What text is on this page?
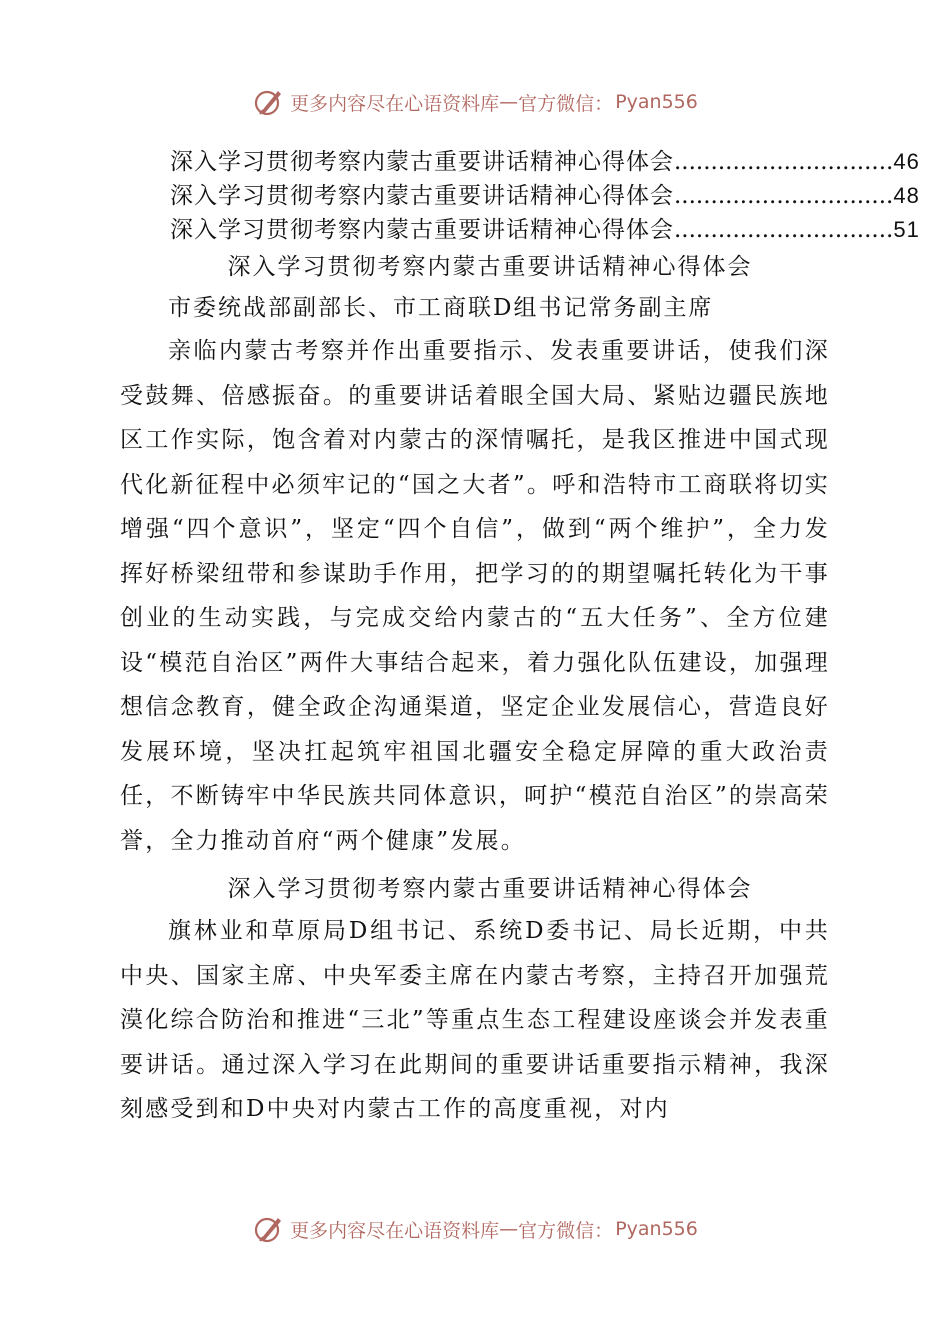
更多内容尽在心语资料库 — 官方微信： Pyan556
深入学习贯彻考察内蒙古重要讲话精神心得体会 .............................. 46
深入学习贯彻考察内蒙古重要讲话精神心得体会 .............................. 48
深入学习贯彻考察内蒙古重要讲话精神心得体会 .............................. 51
深入学习贯彻考察内蒙古重要讲话精神心得体会
市委统战部副部长、市工商联D组书记常务副主席

亲临内蒙古考察并作出重要指示、发表重要讲话，使我们深受鼓舞、倍感振奋。的重要讲话着眼全国大局、紧贴边疆民族地区工作实际，饱含着对内蒙古的深情嘱托，是我区推进中国式现代化新征程中必须牢记的“国之大者”。呼和浩特市工商联将切实增强“四个意识”，坚定“四个自信”，做到“两个维护”，全力发挥好桥梁纽带和参谋助手作用，把学习的的期望嘱托转化为干事创业的生动实践，与完成交给内蒙古的“五大任务”、全方位建设“模范自治区”两件大事结合起来，着力强化队伍建设，加强理想信念教育，健全政企沟通渠道，坚定企业发展信心，营造良好发展环境，坚决扛起筑牢祖国北疆安全稳定屏障的重大政治责任，不断铸牢中华民族共同体意识，呵护“模范自治区”的崇高荣誉，全力推动首府“两个健康”发展。

深入学习贯彻考察内蒙古重要讲话精神心得体会

旗林业和草原局D组书记、系统D委书记、局长近期，中共中央、国家主席、中央军委主席在内蒙古考察，主持召开加强荒漠化综合防治和推进“三北”等重点生态工程建设座谈会并发表重要讲话。通过深入学习在此期间的重要讲话重要指示精神，我深刻感受到和D中央对内蒙古工作的高度重视，对内

更多内容尽在心语资料库 — 官方微信： Pyan556
